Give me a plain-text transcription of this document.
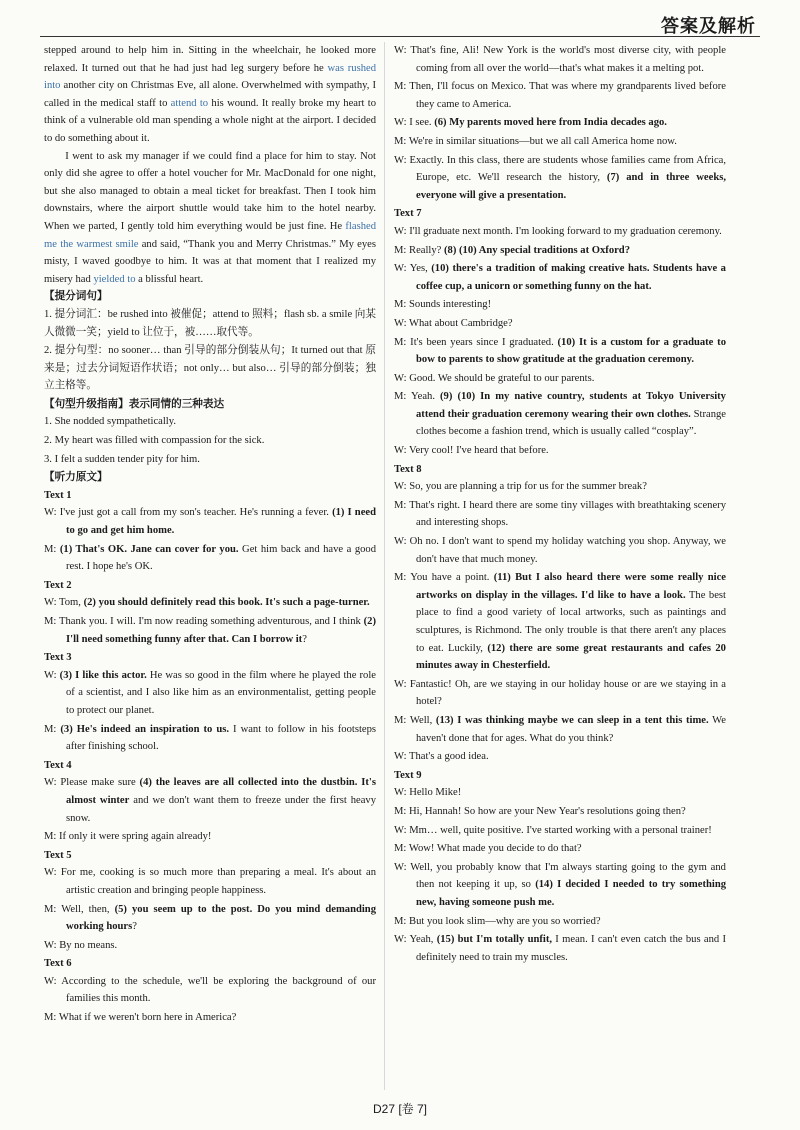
答案及解析

stepped around to help him in. Sitting in the wheelchair, he looked more relaxed. It turned out that he had just had leg surgery before he was rushed into another city on Christmas Eve, all alone. Overwhelmed with sympathy, I called in the medical staff to attend to his wound. It really broke my heart to think of a vulnerable old man spending a whole night at the airport. I decided to do something about it.

I went to ask my manager if we could find a place for him to stay. Not only did she agree to offer a hotel voucher for Mr. MacDonald for one night, but she also managed to obtain a meal ticket for breakfast. Then I took him downstairs, where the airport shuttle would take him to the hotel nearby. When we parted, I gently told him everything would be just fine. He flashed me the warmest smile and said, “Thank you and Merry Christmas.” My eyes misty, I waved goodbye to him. It was at that moment that I realized my misery had yielded to a blissful heart.

【提分词句】

1. 提分词汇：be rushed into 被催促；attend to 照料；flash sb. a smile 向某人微微一笑；yield to 让位于，被……取代等。

2. 提分句型：no sooner… than 引导的部分倒装从句；It turned out that 原来是；过去分词短语作状语；not only… but also… 引导的部分倒装；独立主格等。

【句型升级指南】表示同情的三种表达

1. She nodded sympathetically.

2. My heart was filled with compassion for the sick.

3. I felt a sudden tender pity for him.

【听力原文】
Text 1

W: I've just got a call from my son's teacher. He's running a fever. (1) I need to go and get him home.

M: (1) That's OK. Jane can cover for you. Get him back and have a good rest. I hope he's OK.

Text 2

W: Tom, (2) you should definitely read this book. It's such a page-turner.

M: Thank you. I will. I'm now reading something adventurous, and I think (2) I'll need something funny after that. Can I borrow it?

Text 3

W: (3) I like this actor. He was so good in the film where he played the role of a scientist, and I also like him as an environmentalist, getting people to protect our planet.

M: (3) He's indeed an inspiration to us. I want to follow in his footsteps after finishing school.

Text 4

W: Please make sure (4) the leaves are all collected into the dustbin. It's almost winter and we don't want them to freeze under the first heavy snow.

M: If only it were spring again already!

Text 5

W: For me, cooking is so much more than preparing a meal. It's about an artistic creation and bringing people happiness.

M: Well, then, (5) you seem up to the post. Do you mind demanding working hours?

W: By no means.

Text 6

W: According to the schedule, we'll be exploring the background of our families this month.

M: What if we weren't born here in America?

W: That's fine, Ali! New York is the world's most diverse city, with people coming from all over the world—that's what makes it a melting pot.

M: Then, I'll focus on Mexico. That was where my grandparents lived before they came to America.

W: I see. (6) My parents moved here from India decades ago.

M: We're in similar situations—but we all call America home now.

W: Exactly. In this class, there are students whose families came from Africa, Europe, etc. We'll research the history, (7) and in three weeks, everyone will give a presentation.

Text 7

W: I'll graduate next month. I'm looking forward to my graduation ceremony.

M: Really? (8) (10) Any special traditions at Oxford?

W: Yes, (10) there's a tradition of making creative hats. Students have a coffee cup, a unicorn or something funny on the hat.

M: Sounds interesting!

W: What about Cambridge?

M: It's been years since I graduated. (10) It is a custom for a graduate to bow to parents to show gratitude at the graduation ceremony.

W: Good. We should be grateful to our parents.

M: Yeah. (9) (10) In my native country, students at Tokyo University attend their graduation ceremony wearing their own clothes. Strange clothes become a fashion trend, which is usually called “cosplay”.

W: Very cool! I've heard that before.

Text 8

W: So, you are planning a trip for us for the summer break?

M: That's right. I heard there are some tiny villages with breathtaking scenery and interesting shops.

W: Oh no. I don't want to spend my holiday watching you shop. Anyway, we don't have that much money.

M: You have a point. (11) But I also heard there were some really nice artworks on display in the villages. I'd like to have a look. The best place to find a good variety of local artworks, such as paintings and sculptures, is Richmond. The only trouble is that there aren't any places to eat. Luckily, (12) there are some great restaurants and cafes 20 minutes away in Chesterfield.

W: Fantastic! Oh, are we staying in our holiday house or are we staying in a hotel?

M: Well, (13) I was thinking maybe we can sleep in a tent this time. We haven't done that for ages. What do you think?

W: That's a good idea.

Text 9

W: Hello Mike!

M: Hi, Hannah! So how are your New Year's resolutions going then?

W: Mm… well, quite positive. I've started working with a personal trainer!

M: Wow! What made you decide to do that?

W: Well, you probably know that I'm always starting going to the gym and then not keeping it up, so (14) I decided I needed to try something new, having someone push me.

M: But you look slim—why are you so worried?

W: Yeah, (15) but I'm totally unfit, I mean. I can't even catch the bus and I definitely need to train my muscles.

D27 [卷 7]
